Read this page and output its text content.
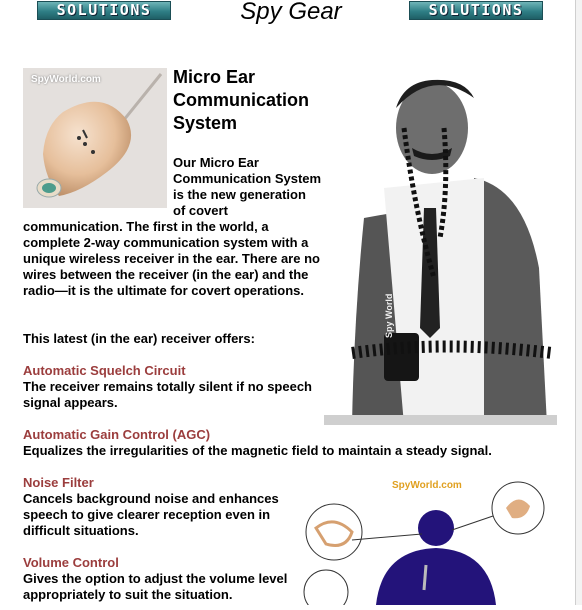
SOLUTIONS	Spy Gear	SOLUTIONS
SpyWorld.com
Spy World
Micro Ear Communication System
Our Micro Ear
Communication System
is the new generation
of covert
communication. The first in the world, a complete 2-way communication system with a unique wireless receiver in the ear. There are no wires between the receiver (in the ear) and the radio—it is the ultimate for covert operations.
This latest (in the ear) receiver offers:
Automatic Squelch Circuit
The receiver remains totally silent if no speech signal appears.
Automatic Gain Control (AGC)
Equalizes the irregularities of the magnetic field to maintain a steady signal.
Noise Filter
Cancels background noise and enhances speech to give clearer reception even in difficult situations.
Volume Control
Gives the option to adjust the volume level appropriately to suit the situation.
SpyWorld.com
